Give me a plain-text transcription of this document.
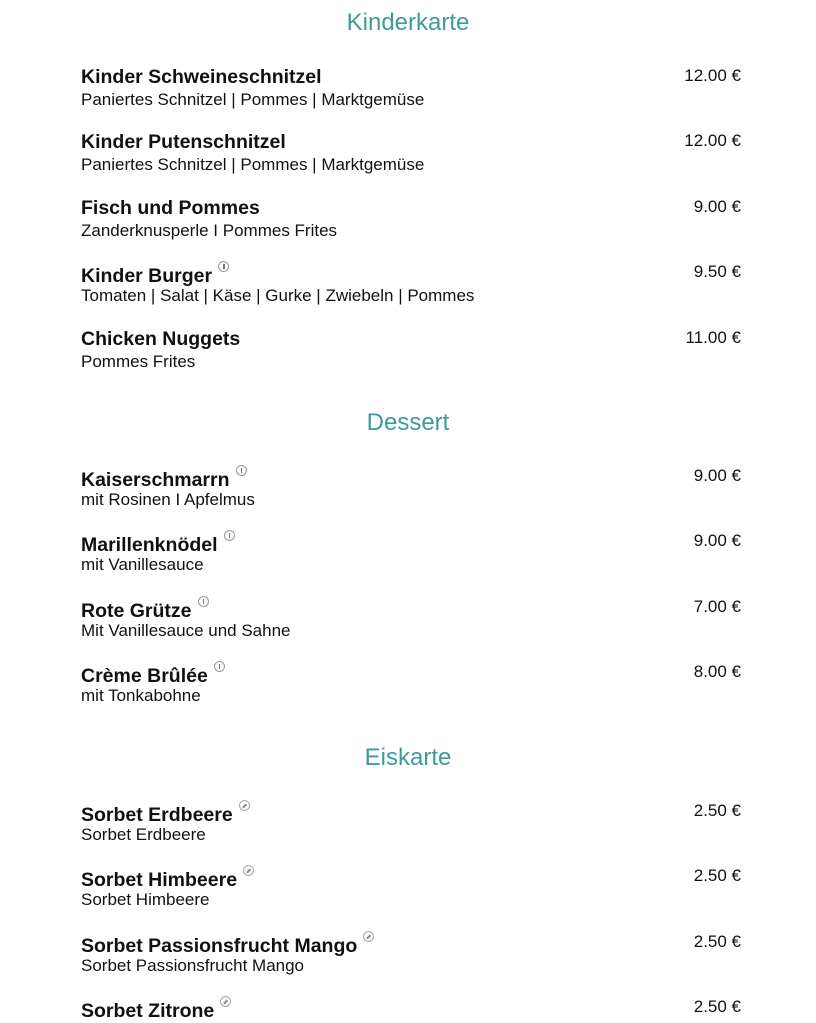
Kinderkarte
Kinder Schweineschnitzel
Paniertes Schnitzel | Pommes | Marktgemüse
12.00 €
Kinder Putenschnitzel
Paniertes Schnitzel | Pommes | Marktgemüse
12.00 €
Fisch und Pommes
Zanderknusperle I Pommes Frites
9.00 €
Kinder Burger
Tomaten | Salat | Käse | Gurke | Zwiebeln | Pommes
9.50 €
Chicken Nuggets
Pommes Frites
11.00 €
Dessert
Kaiserschmarrn
mit Rosinen I Apfelmus
9.00 €
Marillenknödel
mit Vanillesauce
9.00 €
Rote Grütze
Mit Vanillesauce und Sahne
7.00 €
Crème Brûlée
mit Tonkabohne
8.00 €
Eiskarte
Sorbet Erdbeere
Sorbet Erdbeere
2.50 €
Sorbet Himbeere
Sorbet Himbeere
2.50 €
Sorbet Passionsfrucht Mango
Sorbet Passionsfrucht Mango
2.50 €
Sorbet Zitrone	2.50 €
